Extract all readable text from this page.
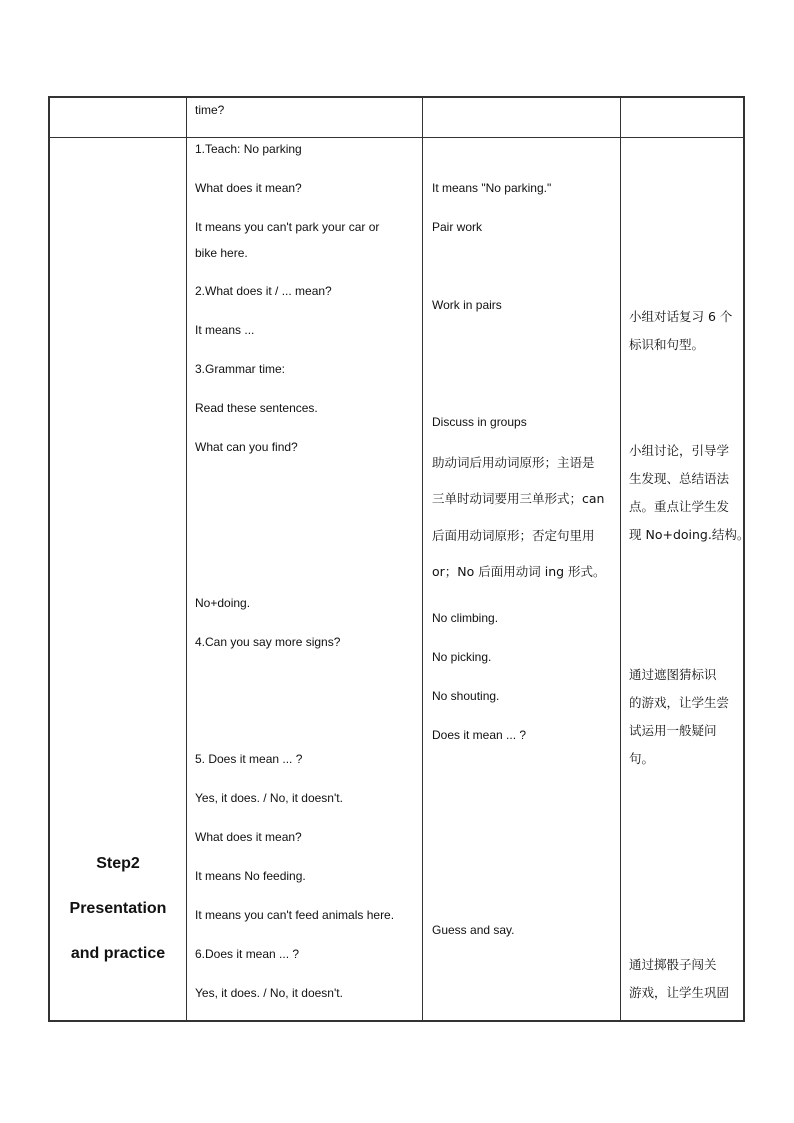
time?
Step2
Presentation
and practice
1.Teach: No parking
What does it mean?
It means you can't park your car or
bike here.
2.What does it / ... mean?
It means ...
3.Grammar time:
Read these sentences.
What can you find?
No+doing.
4.Can you say more signs?
5. Does it mean ... ?
Yes, it does. / No, it doesn't.
What does it mean?
It means No feeding.
It means you can't feed animals here.
6.Does it mean ... ?
Yes, it does. / No, it doesn't.
It means "No parking."
Pair work
Work in pairs
Discuss in groups
助动词后用动词原形；主语是
三单时动词要用三单形式；can
后面用动词原形；否定句里用
or；No 后面用动词 ing 形式。
No climbing.
No picking.
No shouting.
Does it mean ... ?
Guess and say.
小组对话复习 6 个
标识和句型。
小组讨论，引导学
生发现、总结语法
点。重点让学生发
现 No+doing.结构。
通过遮图猜标识
的游戏，让学生尝
试运用一般疑问
句。
通过掷骰子闯关
游戏，让学生巩固
